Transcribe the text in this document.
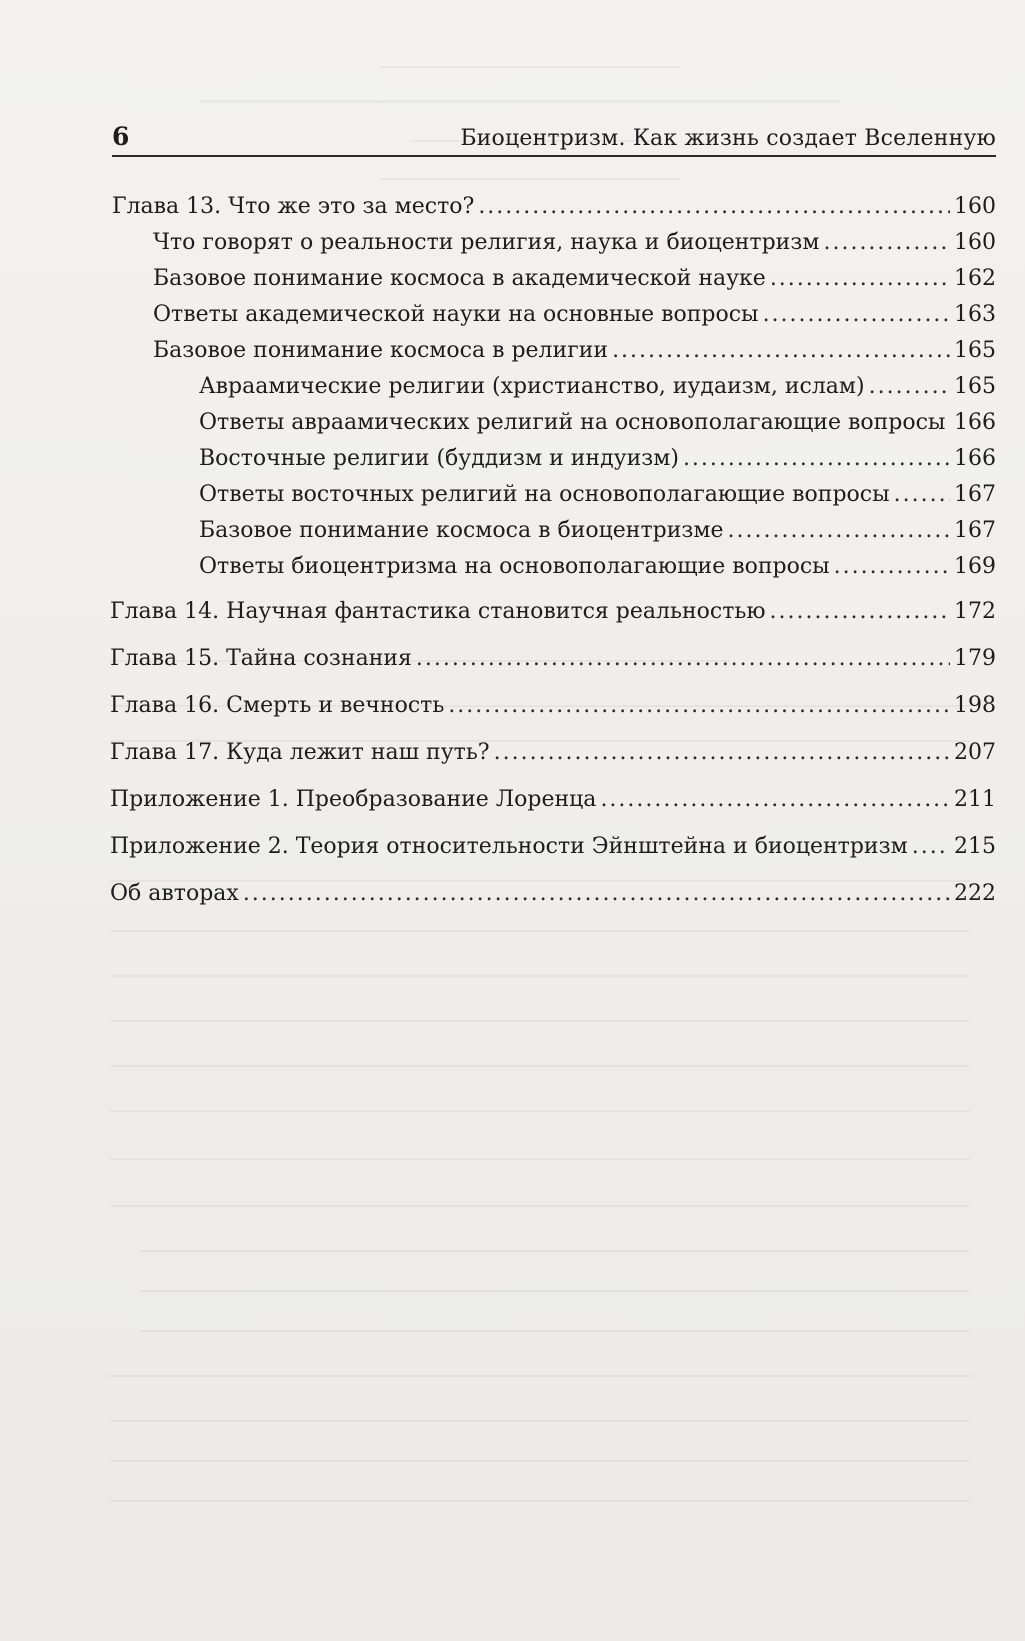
6	Биоцентризм. Как жизнь создает Вселенную
Глава 13. Что же это за место? .....	160
Что говорят о реальности религия, наука и биоцентризм .....	160
Базовое понимание космоса в академической науке .....	162
Ответы академической науки на основные вопросы .....	163
Базовое понимание космоса в религии .....	165
Авраамические религии (христианство, иудаизм, ислам) .....	165
Ответы авраамических религий на основополагающие вопросы ..... 166
Восточные религии (буддизм и индуизм) .....	166
Ответы восточных религий на основополагающие вопросы .....	167
Базовое понимание космоса в биоцентризме .....	167
Ответы биоцентризма на основополагающие вопросы .....	169
Глава 14. Научная фантастика становится реальностью .....	172
Глава 15. Тайна сознания .....	179
Глава 16. Смерть и вечность .....	198
Глава 17. Куда лежит наш путь? .....	207
Приложение 1. Преобразование Лоренца .....	211
Приложение 2. Теория относительности Эйнштейна и биоцентризм ..... 215
Об авторах .....	222
